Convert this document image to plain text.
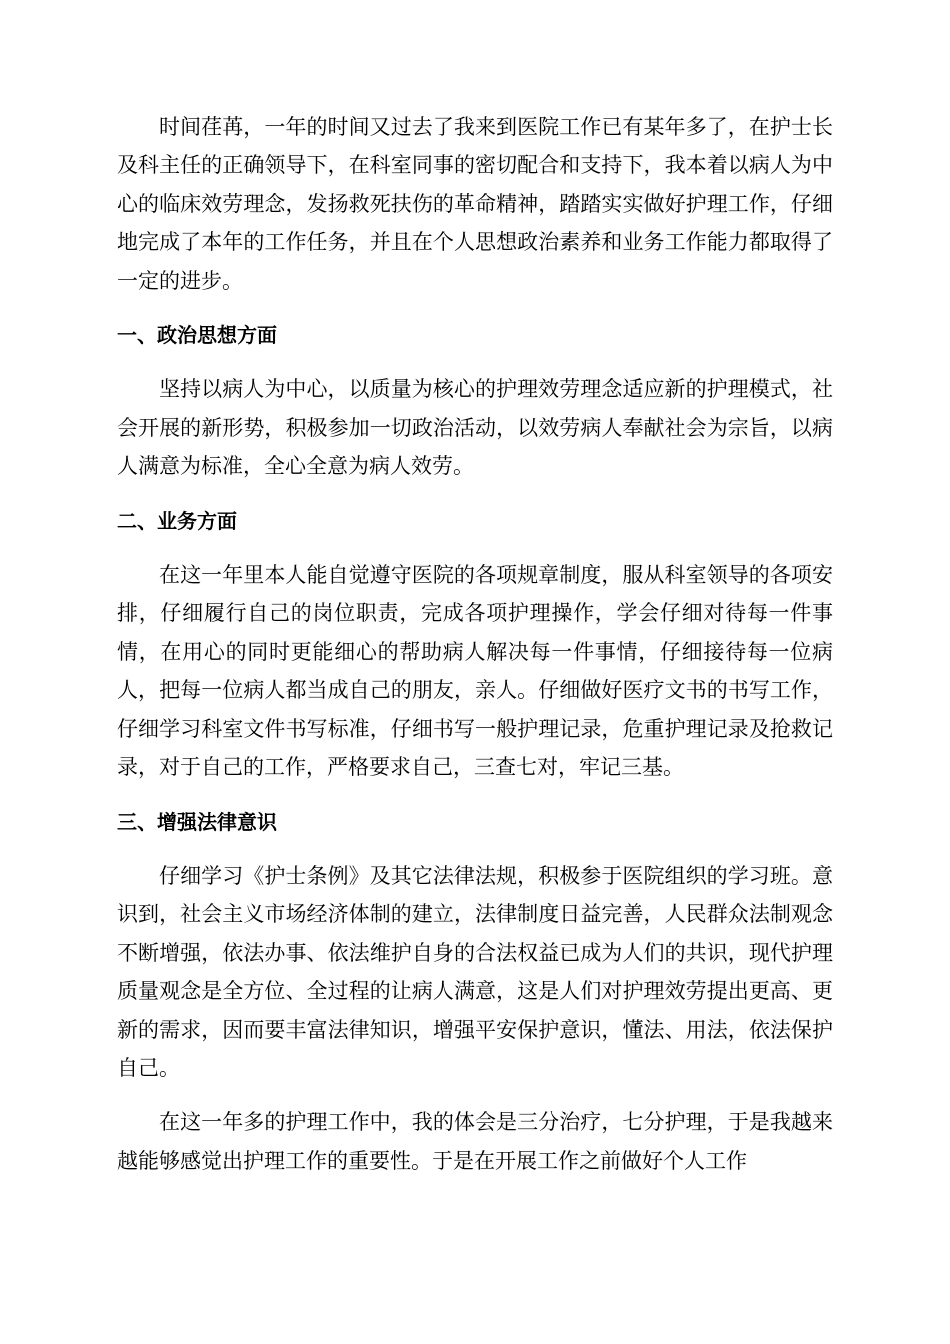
时间荏苒，一年的时间又过去了我来到医院工作已有某年多了，在护士长及科主任的正确领导下，在科室同事的密切配合和支持下，我本着以病人为中心的临床效劳理念，发扬救死扶伤的革命精神，踏踏实实做好护理工作，仔细地完成了本年的工作任务，并且在个人思想政治素养和业务工作能力都取得了一定的进步。

一、政治思想方面

坚持以病人为中心，以质量为核心的护理效劳理念适应新的护理模式，社会开展的新形势，积极参加一切政治活动，以效劳病人奉献社会为宗旨，以病人满意为标准，全心全意为病人效劳。

二、业务方面

在这一年里本人能自觉遵守医院的各项规章制度，服从科室领导的各项安排，仔细履行自己的岗位职责，完成各项护理操作，学会仔细对待每一件事情，在用心的同时更能细心的帮助病人解决每一件事情，仔细接待每一位病人，把每一位病人都当成自己的朋友，亲人。仔细做好医疗文书的书写工作，仔细学习科室文件书写标准，仔细书写一般护理记录，危重护理记录及抢救记录，对于自己的工作，严格要求自己，三查七对，牢记三基。

三、增强法律意识

仔细学习《护士条例》及其它法律法规，积极参于医院组织的学习班。意识到，社会主义市场经济体制的建立，法律制度日益完善，人民群众法制观念不断增强，依法办事、依法维护自身的合法权益已成为人们的共识，现代护理质量观念是全方位、全过程的让病人满意，这是人们对护理效劳提出更高、更新的需求，因而要丰富法律知识，增强平安保护意识，懂法、用法，依法保护自己。

在这一年多的护理工作中，我的体会是三分治疗，七分护理，于是我越来越能够感觉出护理工作的重要性。于是在开展工作之前做好个人工作
